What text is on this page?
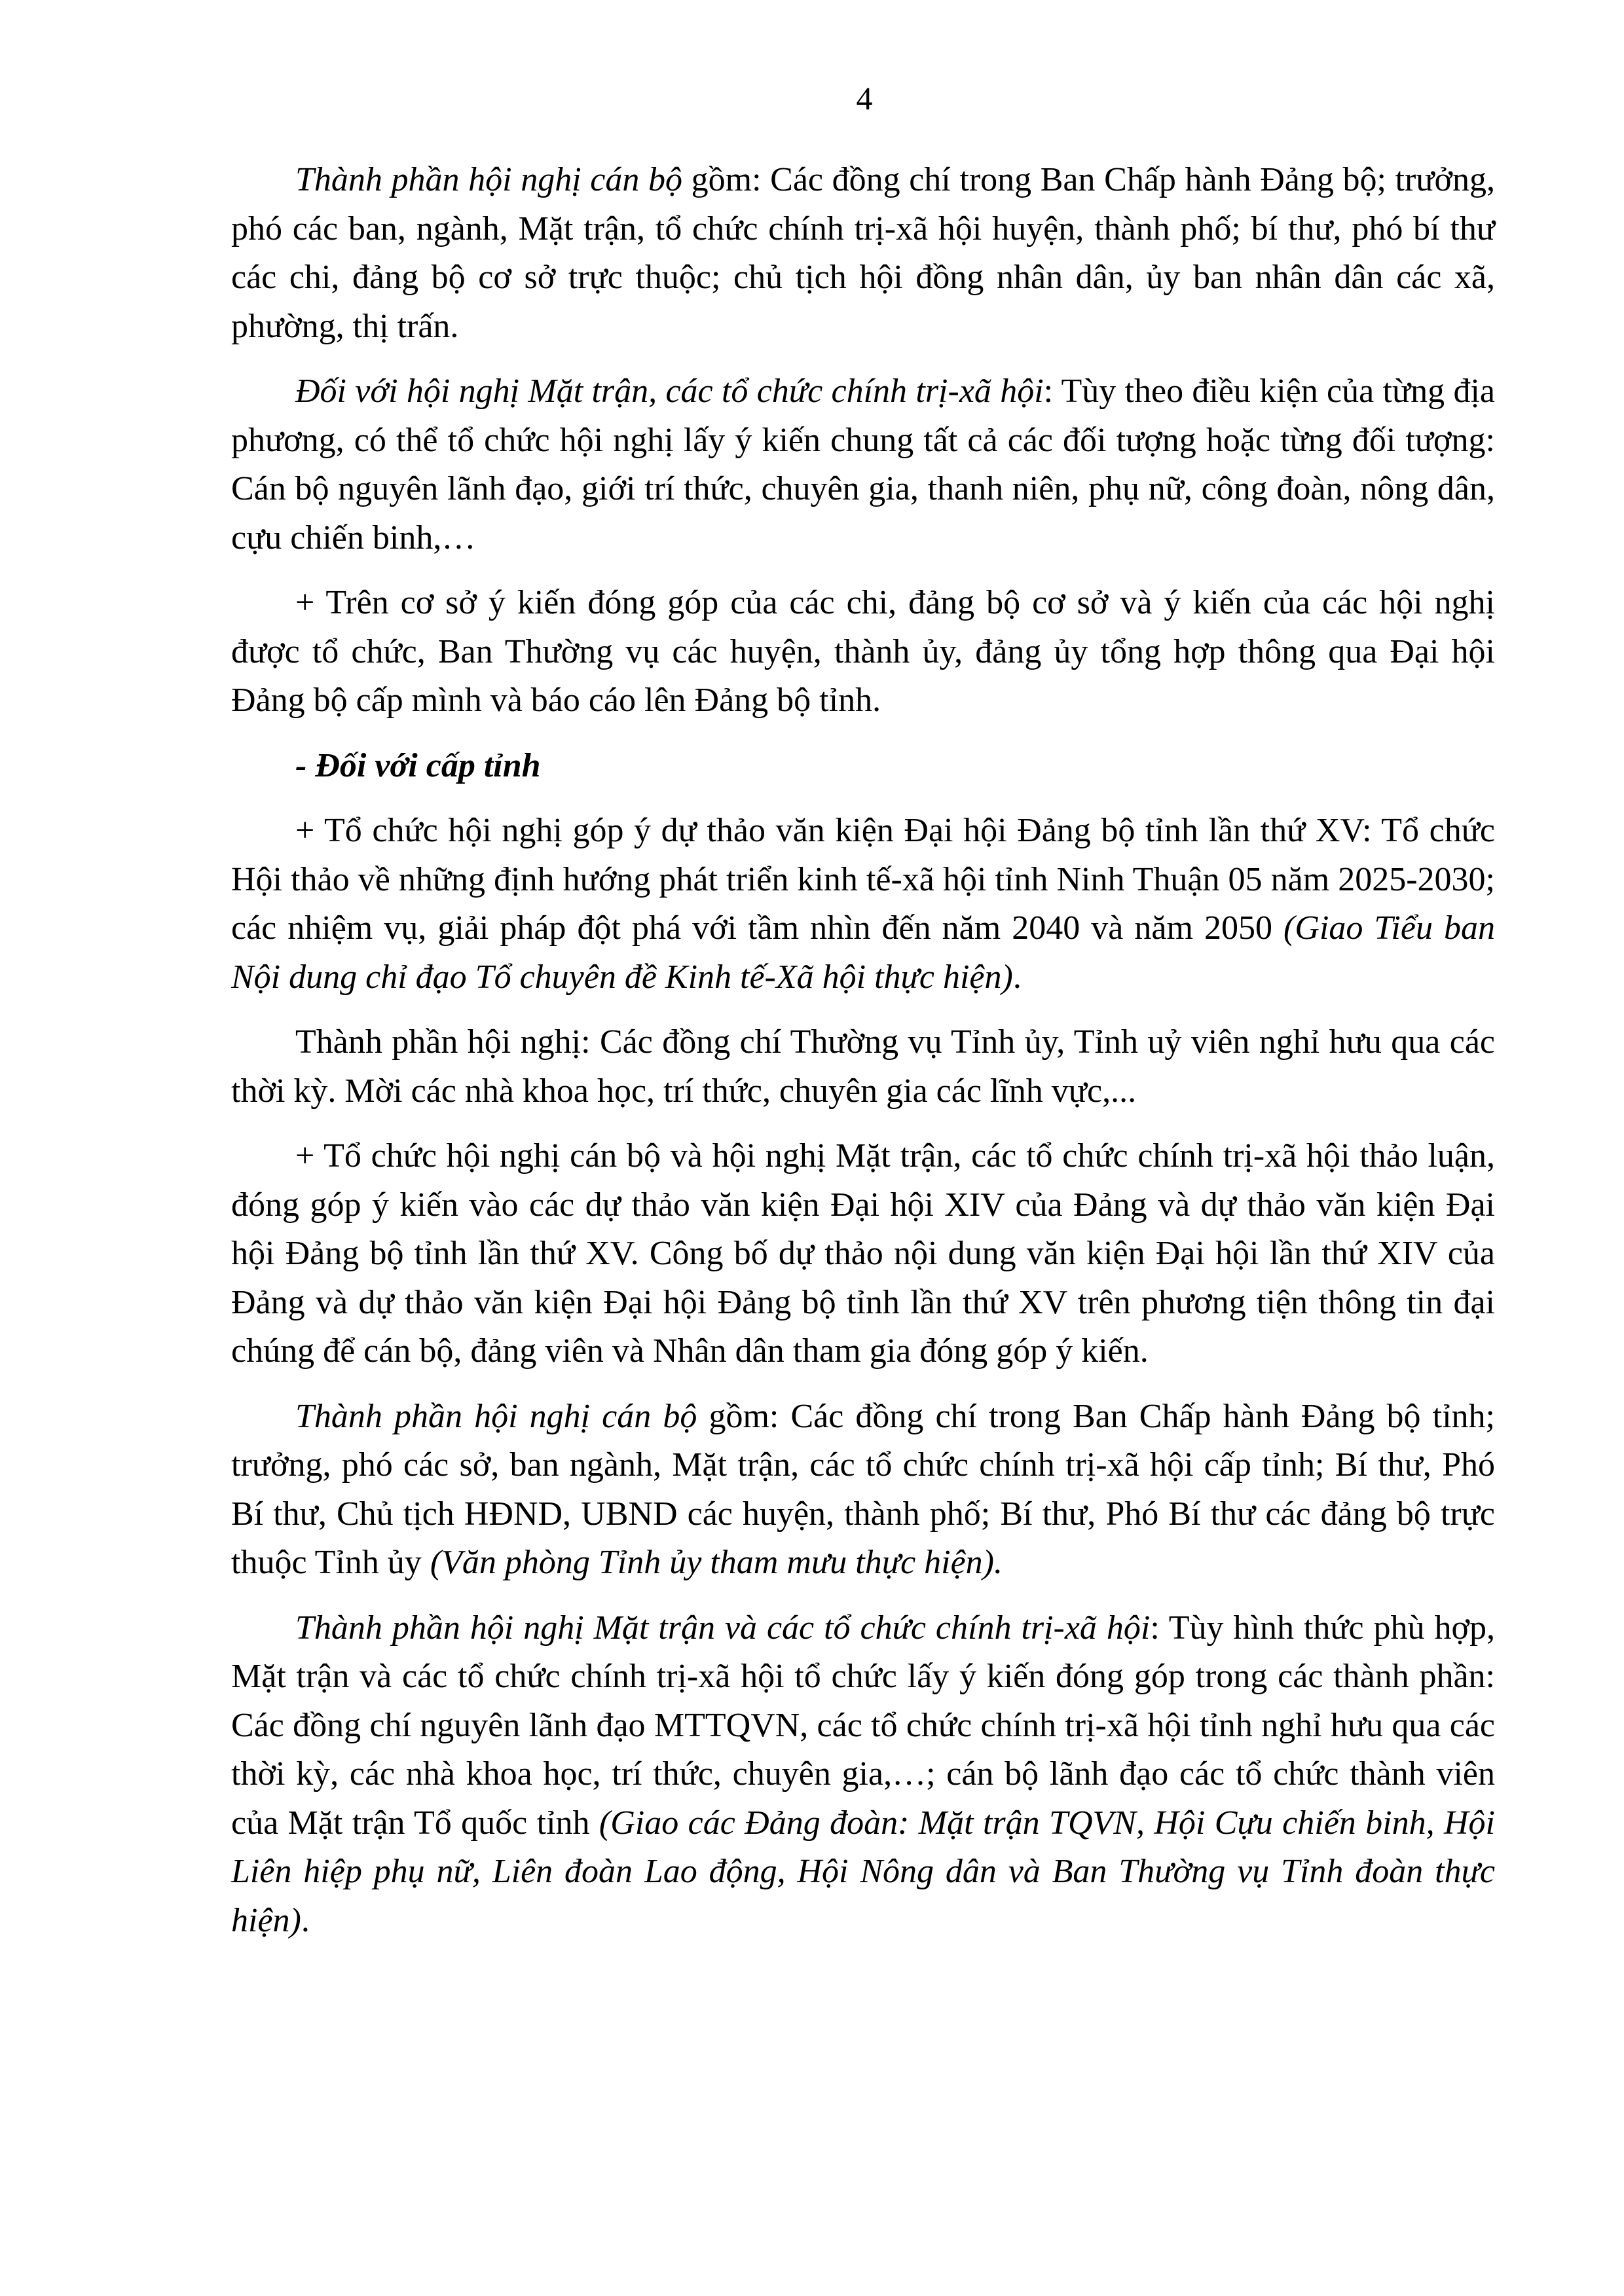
4

Thành phần hội nghị cán bộ gồm: Các đồng chí trong Ban Chấp hành Đảng bộ; trưởng, phó các ban, ngành, Mặt trận, tổ chức chính trị-xã hội huyện, thành phố; bí thư, phó bí thư các chi, đảng bộ cơ sở trực thuộc; chủ tịch hội đồng nhân dân, ủy ban nhân dân các xã, phường, thị trấn.

Đối với hội nghị Mặt trận, các tổ chức chính trị-xã hội: Tùy theo điều kiện của từng địa phương, có thể tổ chức hội nghị lấy ý kiến chung tất cả các đối tượng hoặc từng đối tượng: Cán bộ nguyên lãnh đạo, giới trí thức, chuyên gia, thanh niên, phụ nữ, công đoàn, nông dân, cựu chiến binh,…

+ Trên cơ sở ý kiến đóng góp của các chi, đảng bộ cơ sở và ý kiến của các hội nghị được tổ chức, Ban Thường vụ các huyện, thành ủy, đảng ủy tổng hợp thông qua Đại hội Đảng bộ cấp mình và báo cáo lên Đảng bộ tỉnh.

- Đối với cấp tỉnh

+ Tổ chức hội nghị góp ý dự thảo văn kiện Đại hội Đảng bộ tỉnh lần thứ XV: Tổ chức Hội thảo về những định hướng phát triển kinh tế-xã hội tỉnh Ninh Thuận 05 năm 2025-2030; các nhiệm vụ, giải pháp đột phá với tầm nhìn đến năm 2040 và năm 2050 (Giao Tiểu ban Nội dung chỉ đạo Tổ chuyên đề Kinh tế-Xã hội thực hiện).

Thành phần hội nghị: Các đồng chí Thường vụ Tỉnh ủy, Tỉnh uỷ viên nghỉ hưu qua các thời kỳ. Mời các nhà khoa học, trí thức, chuyên gia các lĩnh vực,...

+ Tổ chức hội nghị cán bộ và hội nghị Mặt trận, các tổ chức chính trị-xã hội thảo luận, đóng góp ý kiến vào các dự thảo văn kiện Đại hội XIV của Đảng và dự thảo văn kiện Đại hội Đảng bộ tỉnh lần thứ XV. Công bố dự thảo nội dung văn kiện Đại hội lần thứ XIV của Đảng và dự thảo văn kiện Đại hội Đảng bộ tỉnh lần thứ XV trên phương tiện thông tin đại chúng để cán bộ, đảng viên và Nhân dân tham gia đóng góp ý kiến.

Thành phần hội nghị cán bộ gồm: Các đồng chí trong Ban Chấp hành Đảng bộ tỉnh; trưởng, phó các sở, ban ngành, Mặt trận, các tổ chức chính trị-xã hội cấp tỉnh; Bí thư, Phó Bí thư, Chủ tịch HĐND, UBND các huyện, thành phố; Bí thư, Phó Bí thư các đảng bộ trực thuộc Tỉnh ủy (Văn phòng Tỉnh ủy tham mưu thực hiện).

Thành phần hội nghị Mặt trận và các tổ chức chính trị-xã hội: Tùy hình thức phù hợp, Mặt trận và các tổ chức chính trị-xã hội tổ chức lấy ý kiến đóng góp trong các thành phần: Các đồng chí nguyên lãnh đạo MTTQVN, các tổ chức chính trị-xã hội tỉnh nghỉ hưu qua các thời kỳ, các nhà khoa học, trí thức, chuyên gia,…; cán bộ lãnh đạo các tổ chức thành viên của Mặt trận Tổ quốc tỉnh (Giao các Đảng đoàn: Mặt trận TQVN, Hội Cựu chiến binh, Hội Liên hiệp phụ nữ, Liên đoàn Lao động, Hội Nông dân và Ban Thường vụ Tỉnh đoàn thực hiện).
